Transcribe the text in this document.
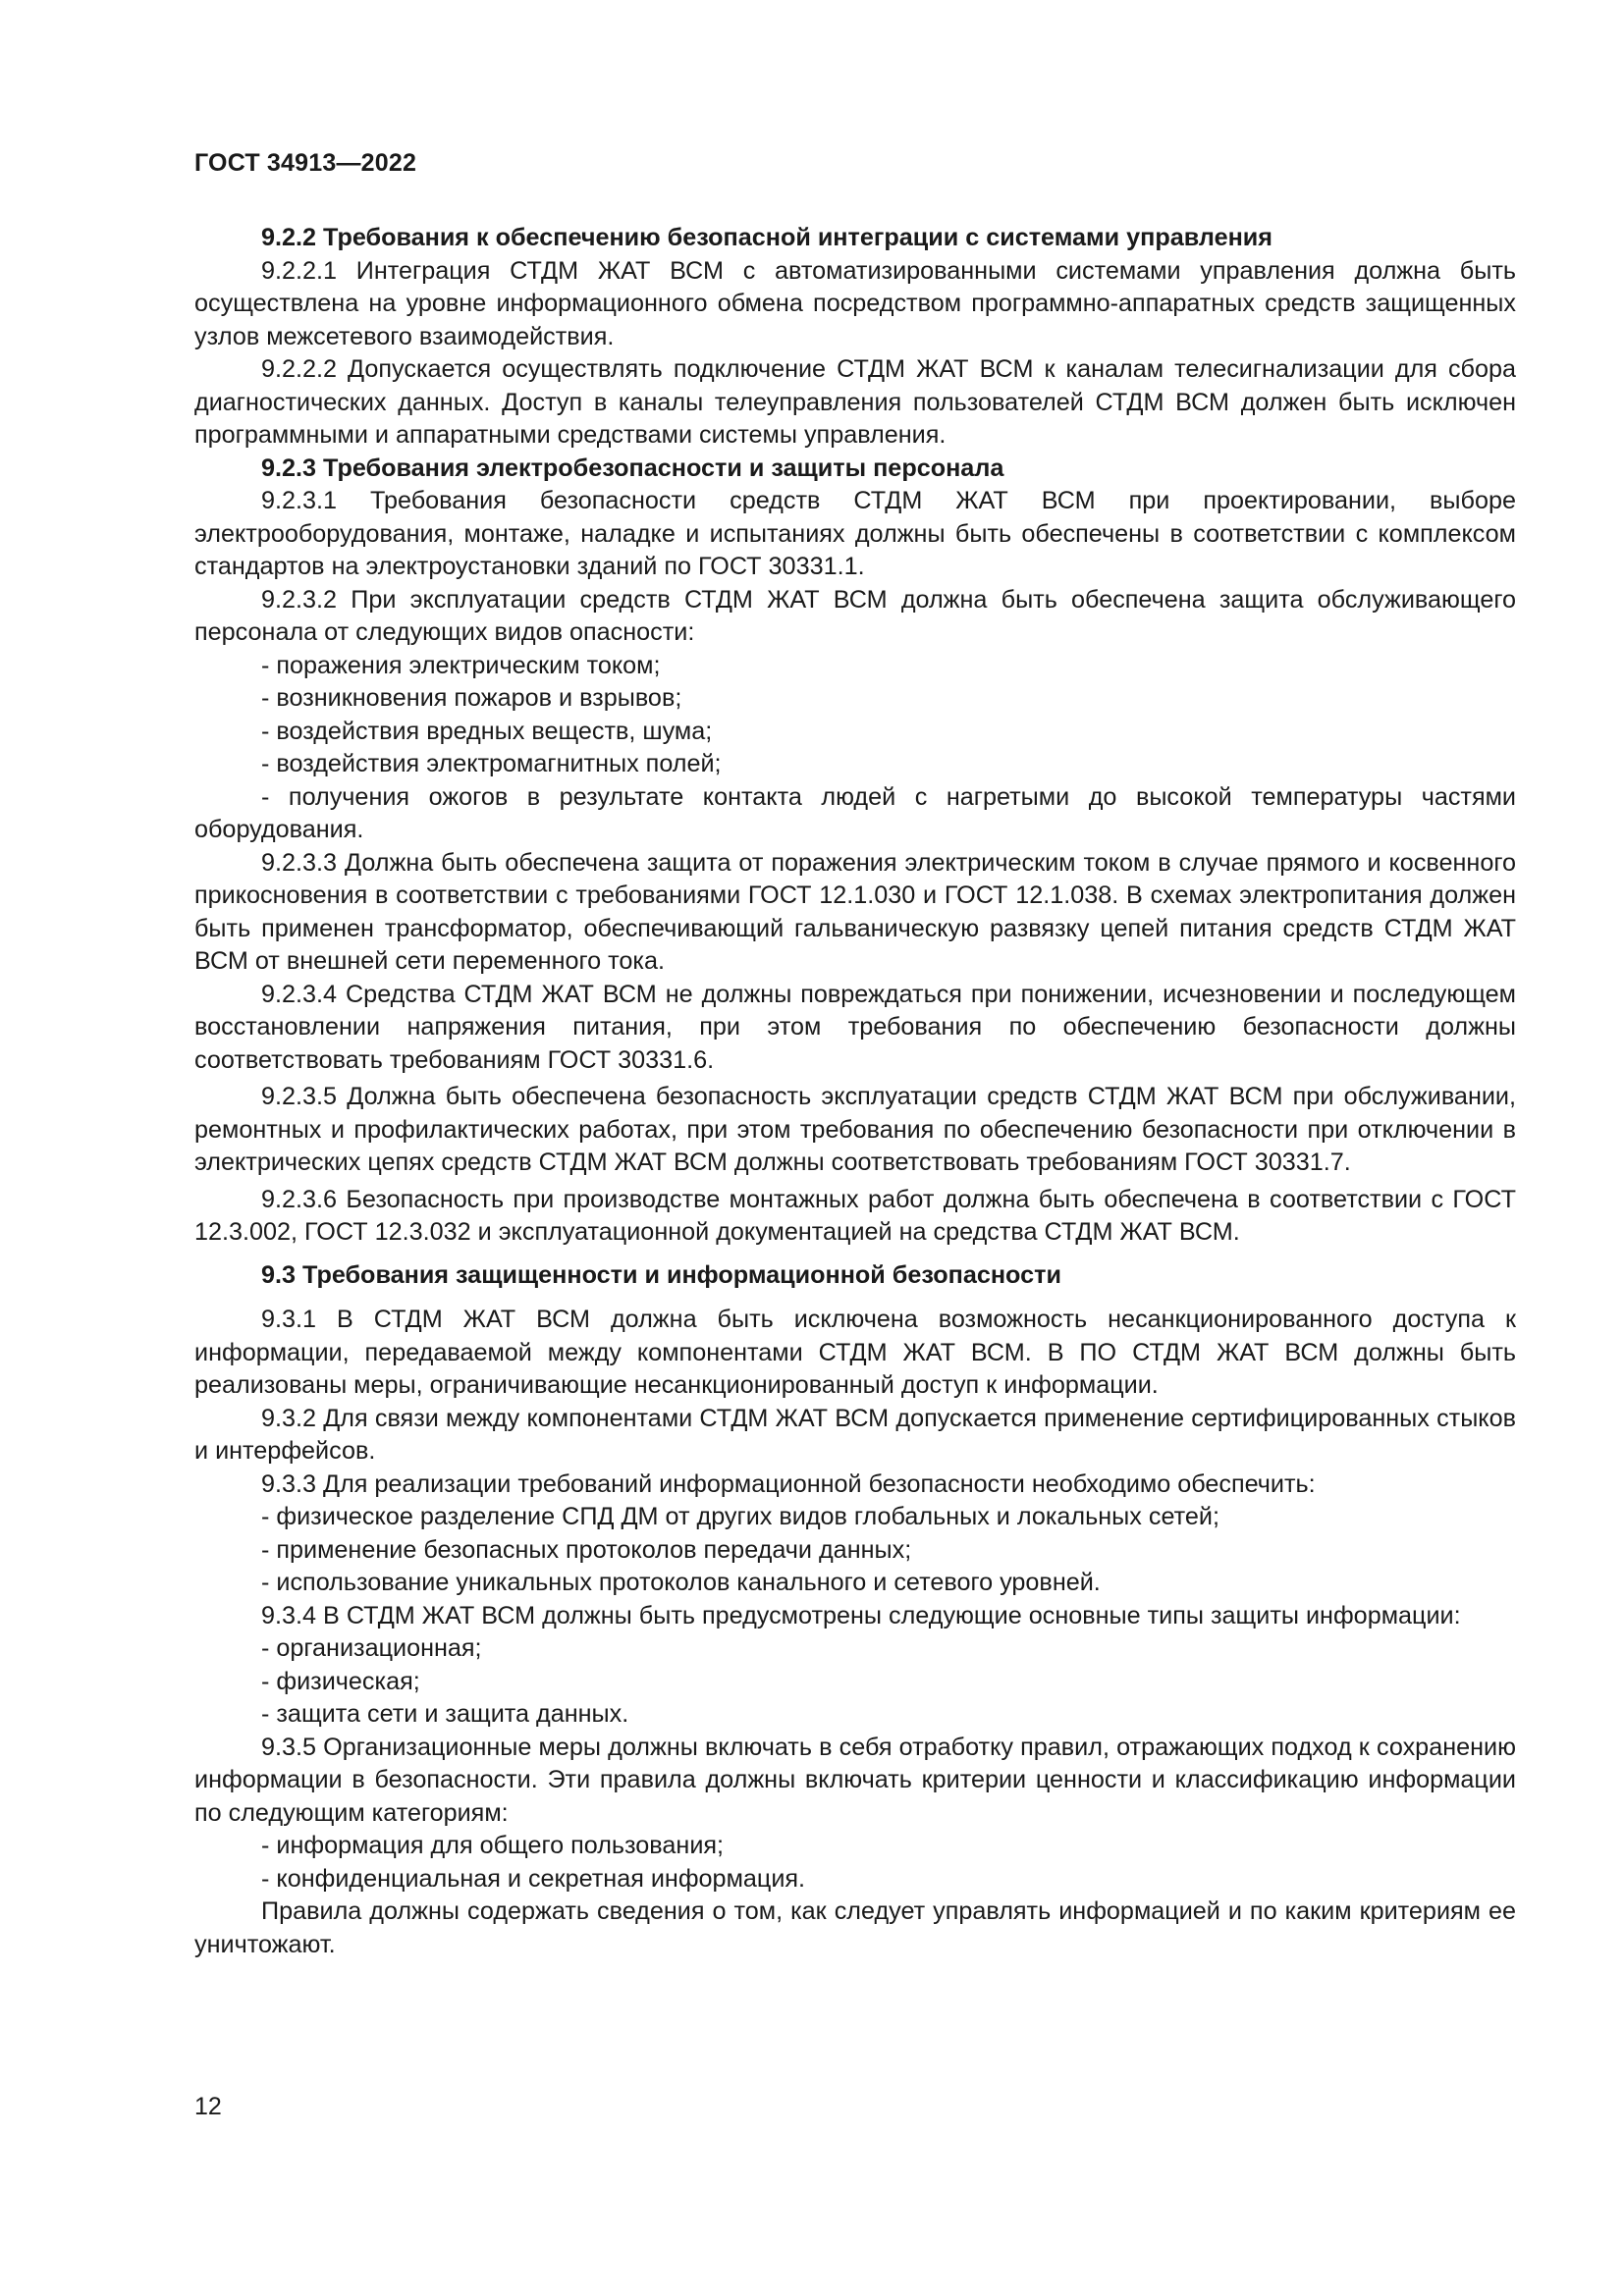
ГОСТ 34913—2022

9.2.2 Требования к обеспечению безопасной интеграции с системами управления

9.2.2.1 Интеграция СТДМ ЖАТ ВСМ с автоматизированными системами управления должна быть осуществлена на уровне информационного обмена посредством программно-аппаратных средств защищенных узлов межсетевого взаимодействия.

9.2.2.2 Допускается осуществлять подключение СТДМ ЖАТ ВСМ к каналам телесигнализации для сбора диагностических данных. Доступ в каналы телеуправления пользователей СТДМ ВСМ должен быть исключен программными и аппаратными средствами системы управления.

9.2.3 Требования электробезопасности и защиты персонала

9.2.3.1 Требования безопасности средств СТДМ ЖАТ ВСМ при проектировании, выборе электрооборудования, монтаже, наладке и испытаниях должны быть обеспечены в соответствии с комплексом стандартов на электроустановки зданий по ГОСТ 30331.1.

9.2.3.2 При эксплуатации средств СТДМ ЖАТ ВСМ должна быть обеспечена защита обслуживающего персонала от следующих видов опасности:

- поражения электрическим током;

- возникновения пожаров и взрывов;

- воздействия вредных веществ, шума;

- воздействия электромагнитных полей;

- получения ожогов в результате контакта людей с нагретыми до высокой температуры частями оборудования.

9.2.3.3 Должна быть обеспечена защита от поражения электрическим током в случае прямого и косвенного прикосновения в соответствии с требованиями ГОСТ 12.1.030 и ГОСТ 12.1.038. В схемах электропитания должен быть применен трансформатор, обеспечивающий гальваническую развязку цепей питания средств СТДМ ЖАТ ВСМ от внешней сети переменного тока.

9.2.3.4 Средства СТДМ ЖАТ ВСМ не должны повреждаться при понижении, исчезновении и последующем восстановлении напряжения питания, при этом требования по обеспечению безопасности должны соответствовать требованиям ГОСТ 30331.6.

9.2.3.5 Должна быть обеспечена безопасность эксплуатации средств СТДМ ЖАТ ВСМ при обслуживании, ремонтных и профилактических работах, при этом требования по обеспечению безопасности при отключении в электрических цепях средств СТДМ ЖАТ ВСМ должны соответствовать требованиям ГОСТ 30331.7.

9.2.3.6 Безопасность при производстве монтажных работ должна быть обеспечена в соответствии с ГОСТ 12.3.002, ГОСТ 12.3.032 и эксплуатационной документацией на средства СТДМ ЖАТ ВСМ.

9.3 Требования защищенности и информационной безопасности

9.3.1 В СТДМ ЖАТ ВСМ должна быть исключена возможность несанкционированного доступа к информации, передаваемой между компонентами СТДМ ЖАТ ВСМ. В ПО СТДМ ЖАТ ВСМ должны быть реализованы меры, ограничивающие несанкционированный доступ к информации.

9.3.2 Для связи между компонентами СТДМ ЖАТ ВСМ допускается применение сертифицированных стыков и интерфейсов.

9.3.3 Для реализации требований информационной безопасности необходимо обеспечить:

- физическое разделение СПД ДМ от других видов глобальных и локальных сетей;

- применение безопасных протоколов передачи данных;

- использование уникальных протоколов канального и сетевого уровней.

9.3.4 В СТДМ ЖАТ ВСМ должны быть предусмотрены следующие основные типы защиты информации:

- организационная;

- физическая;

- защита сети и защита данных.

9.3.5 Организационные меры должны включать в себя отработку правил, отражающих подход к сохранению информации в безопасности. Эти правила должны включать критерии ценности и классификацию информации по следующим категориям:

- информация для общего пользования;

- конфиденциальная и секретная информация.

Правила должны содержать сведения о том, как следует управлять информацией и по каким критериям ее уничтожают.

12
